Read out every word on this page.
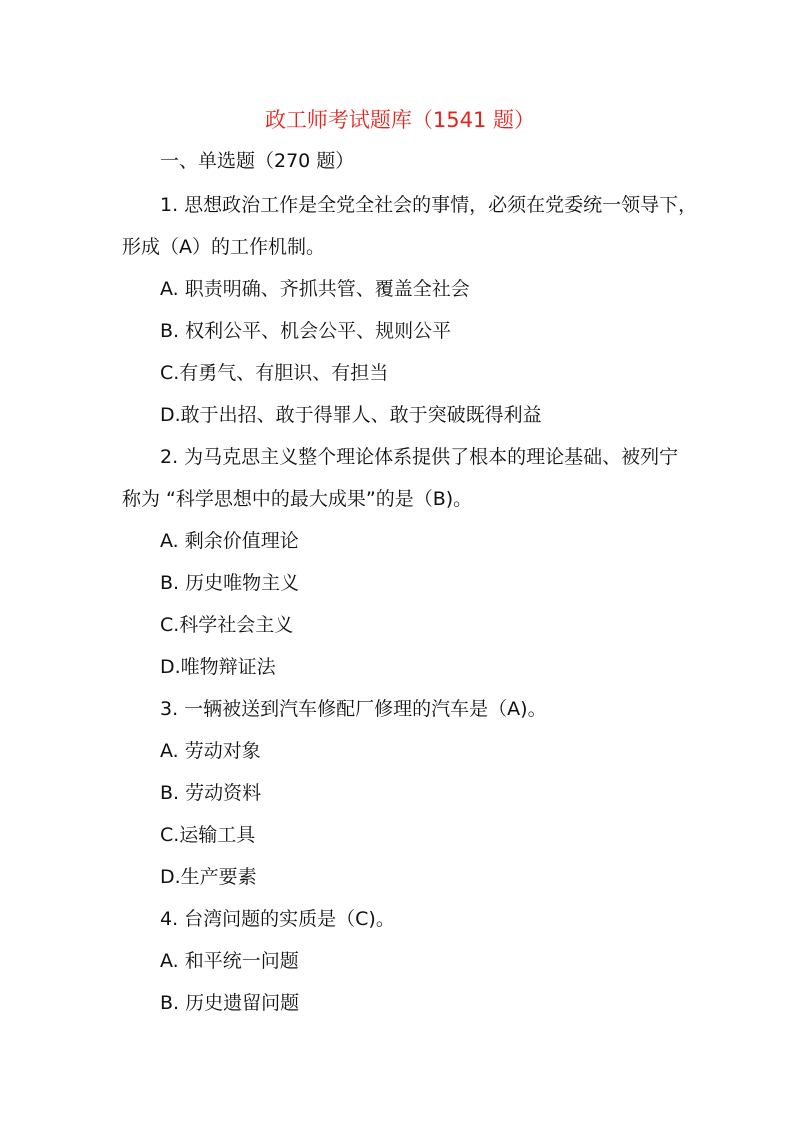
政工师考试题库（1541 题）
一、单选题（270 题）
1. 思想政治工作是全党全社会的事情，必须在党委统一领导下，
形成（A）的工作机制。
A. 职责明确、齐抓共管、覆盖全社会
B. 权利公平、机会公平、规则公平
C.有勇气、有胆识、有担当
D.敢于出招、敢于得罪人、敢于突破既得利益
2. 为马克思主义整个理论体系提供了根本的理论基础、被列宁
称为 “科学思想中的最大成果”的是（B)。
A. 剩余价值理论
B. 历史唯物主义
C.科学社会主义
D.唯物辩证法
3. 一辆被送到汽车修配厂修理的汽车是（A)。
A. 劳动对象
B. 劳动资料
C.运输工具
D.生产要素
4. 台湾问题的实质是（C)。
A. 和平统一问题
B. 历史遗留问题
